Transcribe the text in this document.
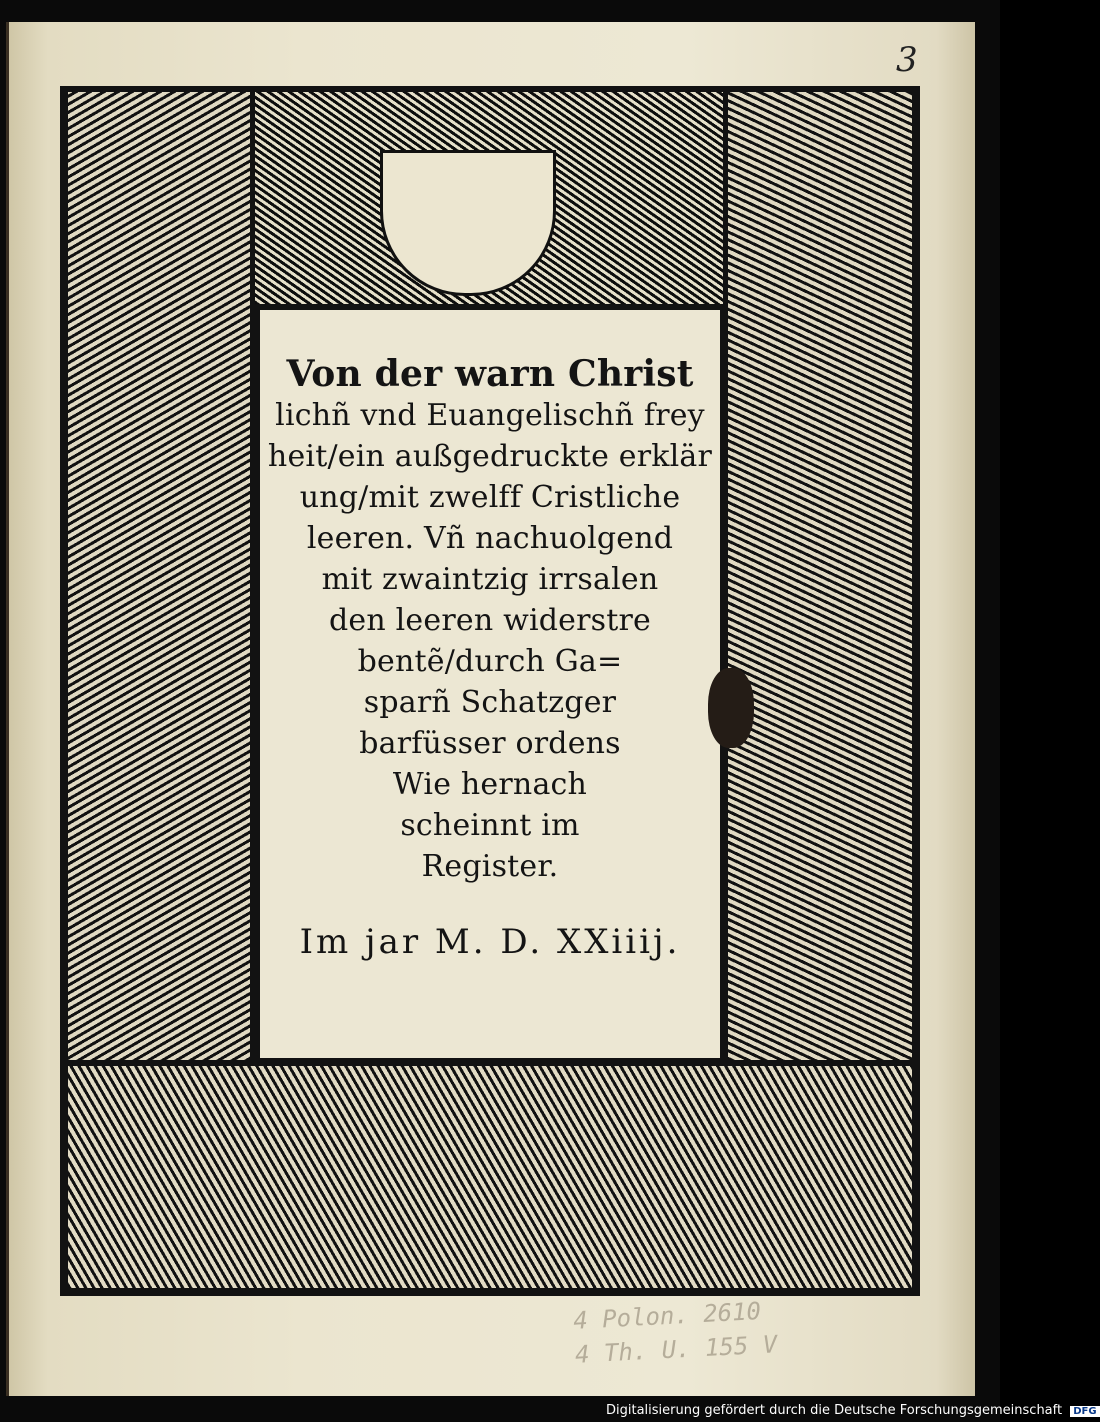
3
Von der warn Christ
lichñ vnd Euangelischñ frey
heit/ein außgedruckte erklär
ung/mit zwelff Cristliche
leeren. Vñ nachuolgend
mit zwaintzig irrsalen
den leeren widerstre
bentẽ/durch Ga=
sparñ Schatzger
barfüsser ordens
Wie hernach
scheinnt im
Register.
Im jar M. D. XXiiij.
4 Polon. 2610
4 Th. U. 155 V
Digitalisierung gefördert durch die Deutsche Forschungsgemeinschaft DFG
